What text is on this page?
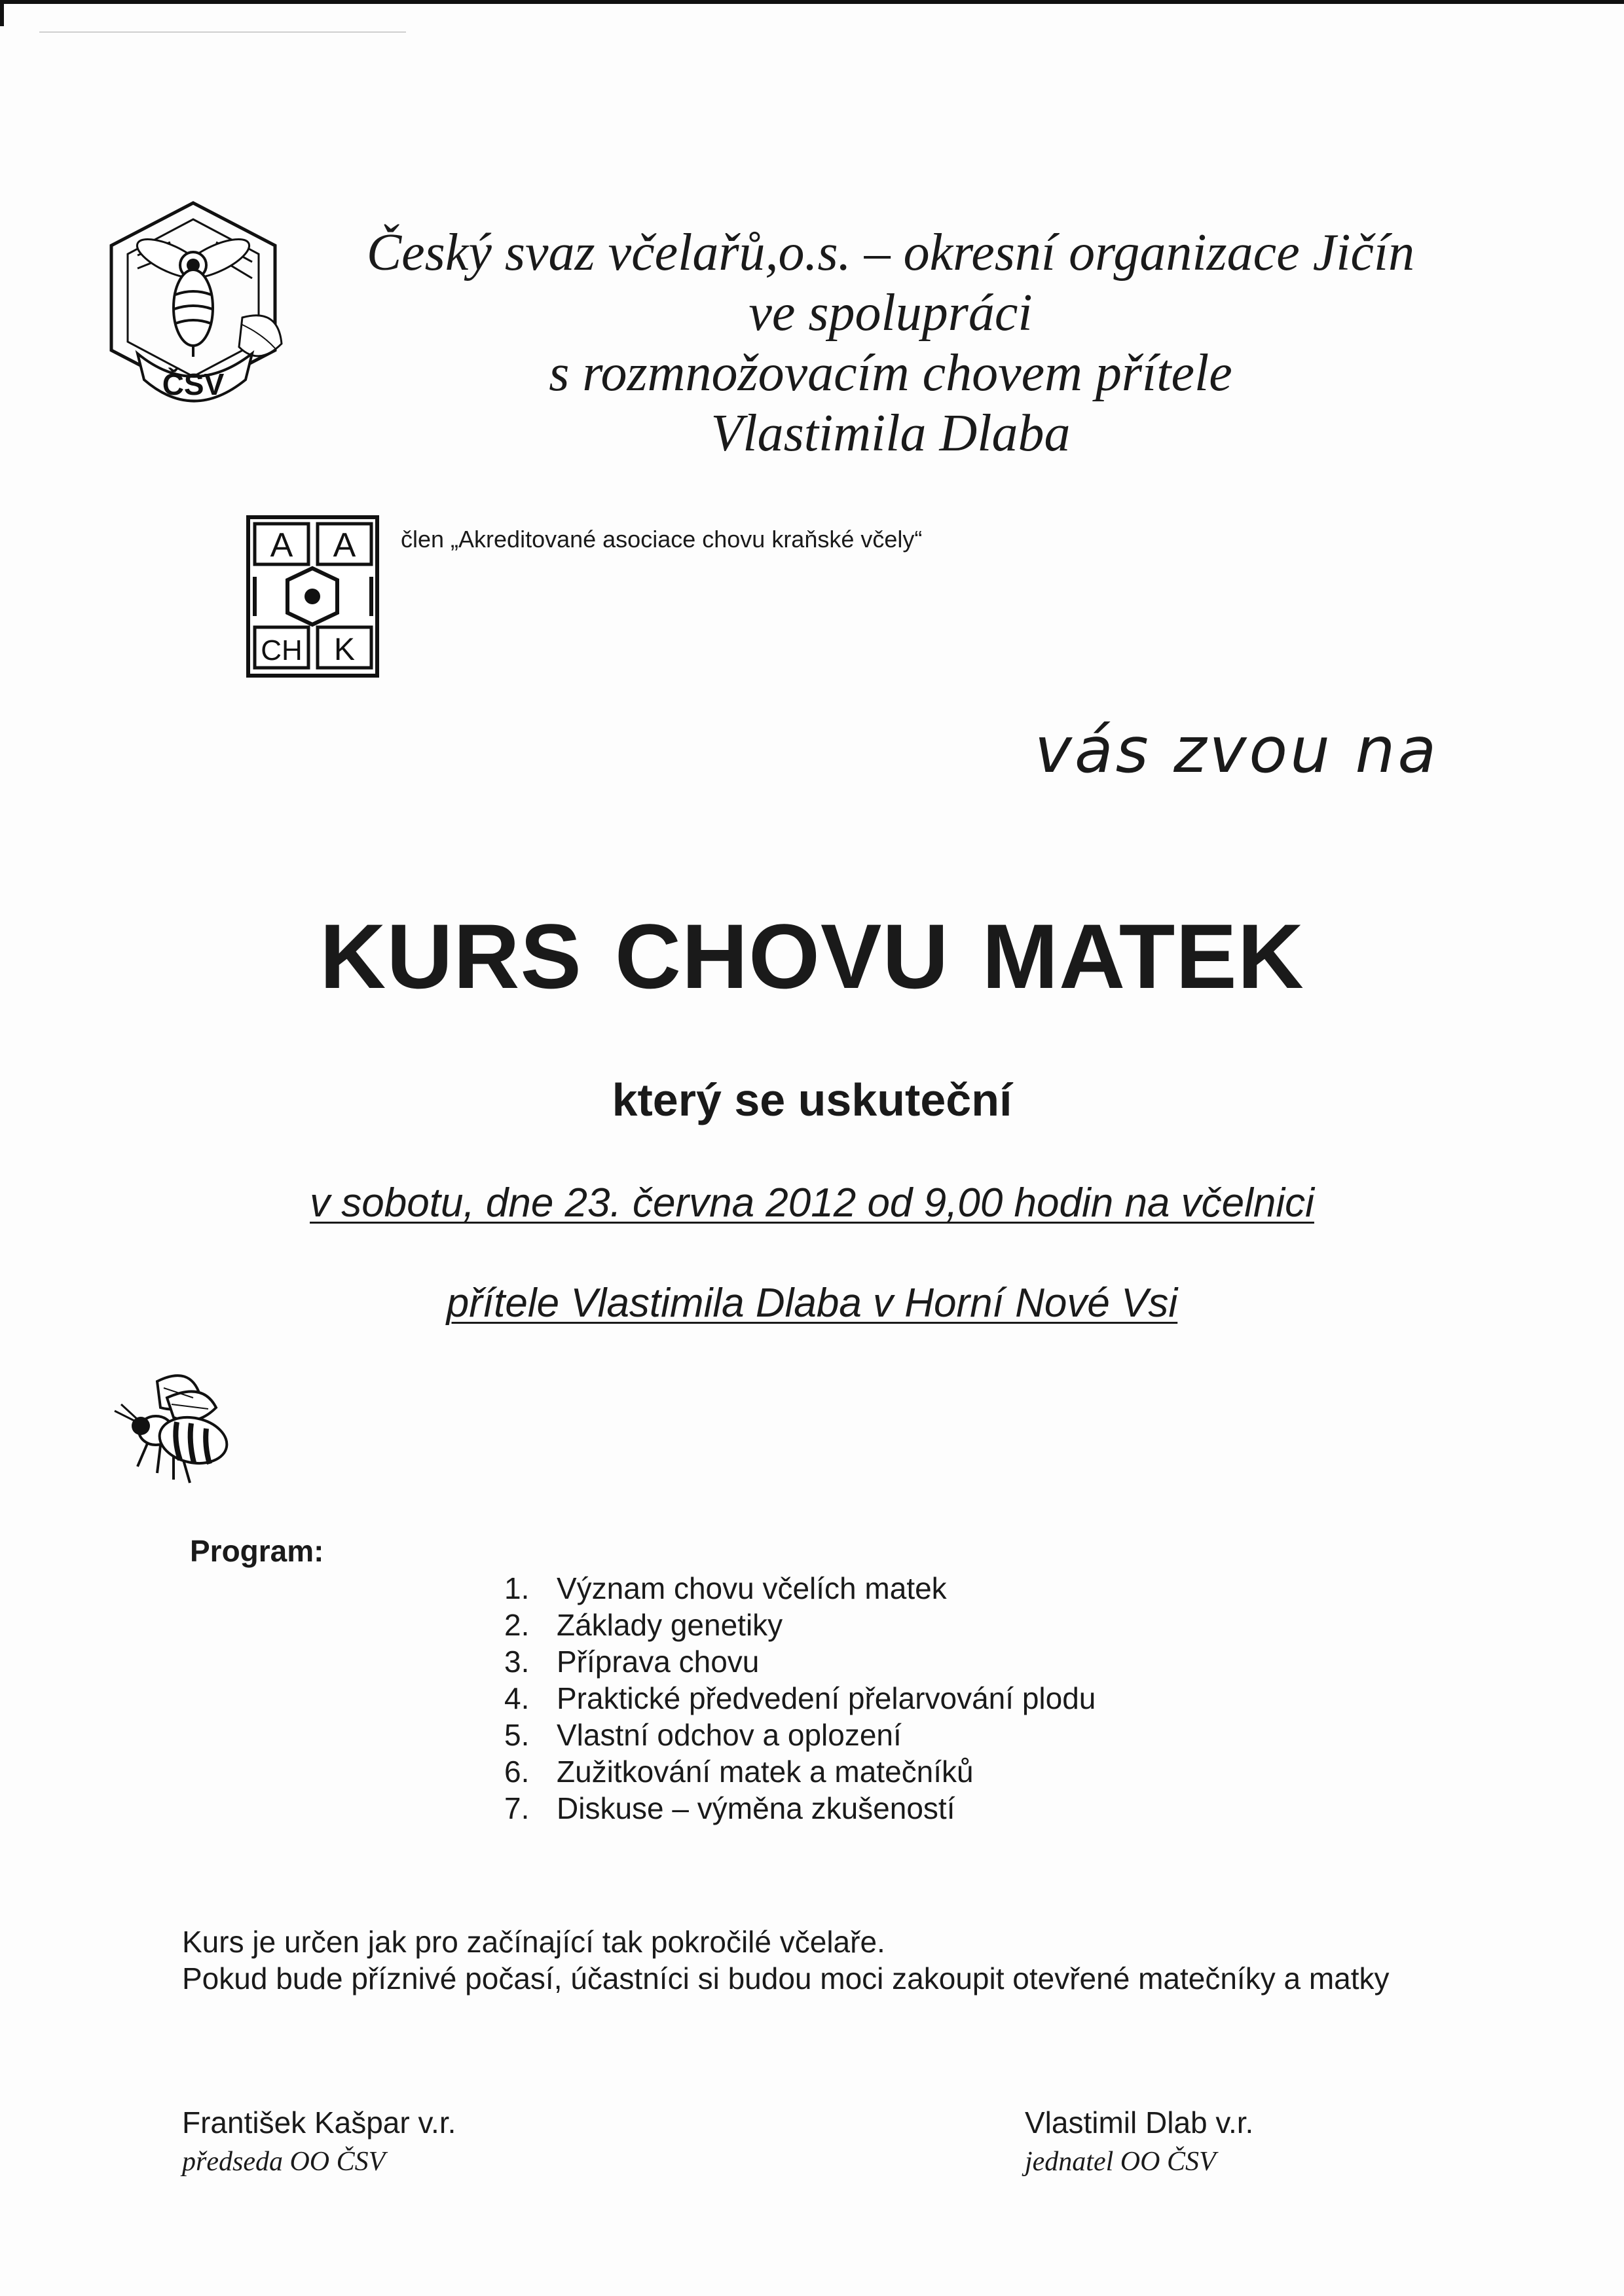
ČSV
Český svaz včelařů,o.s. – okresní organizace Jičín
ve spolupráci
s rozmnožovacím chovem přítele
Vlastimila Dlaba
A A
CH K
člen „Akreditované asociace chovu kraňské včely“
vás zvou na
KURS CHOVU MATEK
který se uskuteční
v sobotu, dne 23. června 2012 od 9,00 hodin na včelnici
přítele Vlastimila Dlaba v Horní Nové Vsi
Program:
1. Význam chovu včelích matek
2. Základy genetiky
3. Příprava chovu
4. Praktické předvedení přelarvování plodu
5. Vlastní odchov a oplození
6. Zužitkování matek a matečníků
7. Diskuse – výměna zkušeností
Kurs je určen jak pro začínající tak pokročilé včelaře.
Pokud bude příznivé počasí, účastníci si budou moci zakoupit otevřené matečníky a matky
František Kašpar v.r.
předseda OO ČSV
Vlastimil Dlab v.r.
jednatel OO ČSV
